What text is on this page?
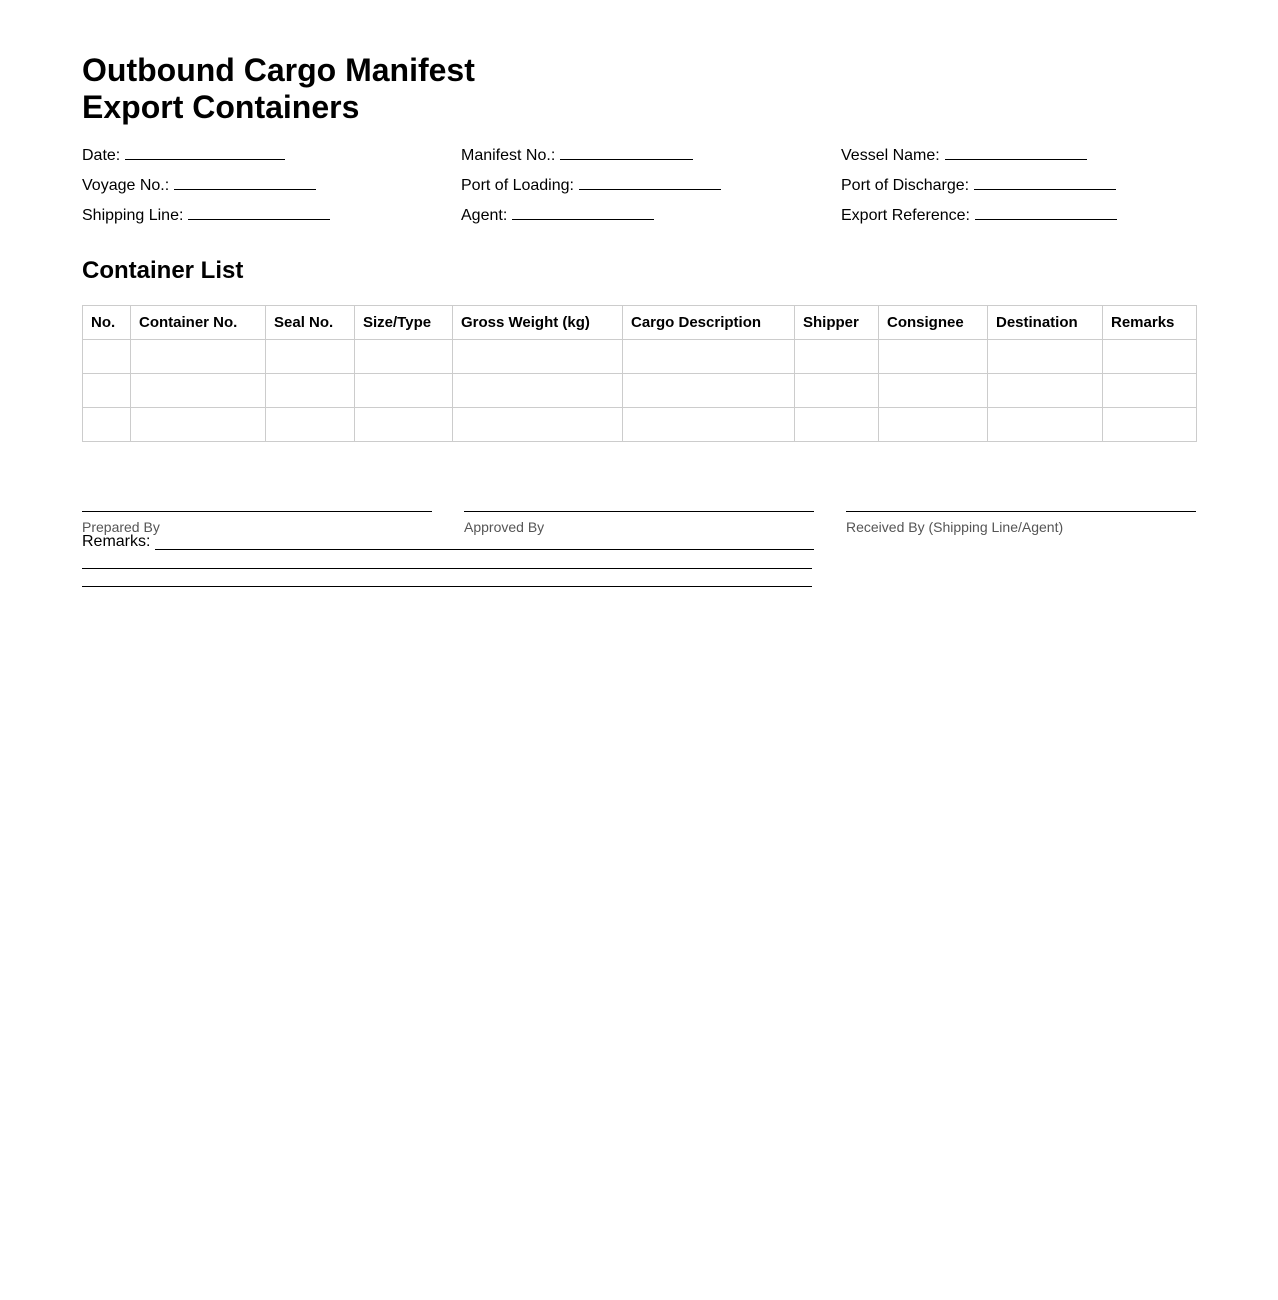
Outbound Cargo Manifest
Export Containers
Date:	Manifest No.:	Vessel Name:
Voyage No.:	Port of Loading:	Port of Discharge:
Shipping Line:	Agent:	Export Reference:
Container List
No.	Container No.	Seal No.	Size/Type	Gross Weight (kg)	Cargo Description	Shipper	Consignee	Destination	Remarks

Prepared By	Approved By	Received By (Shipping Line/Agent)
Remarks:
